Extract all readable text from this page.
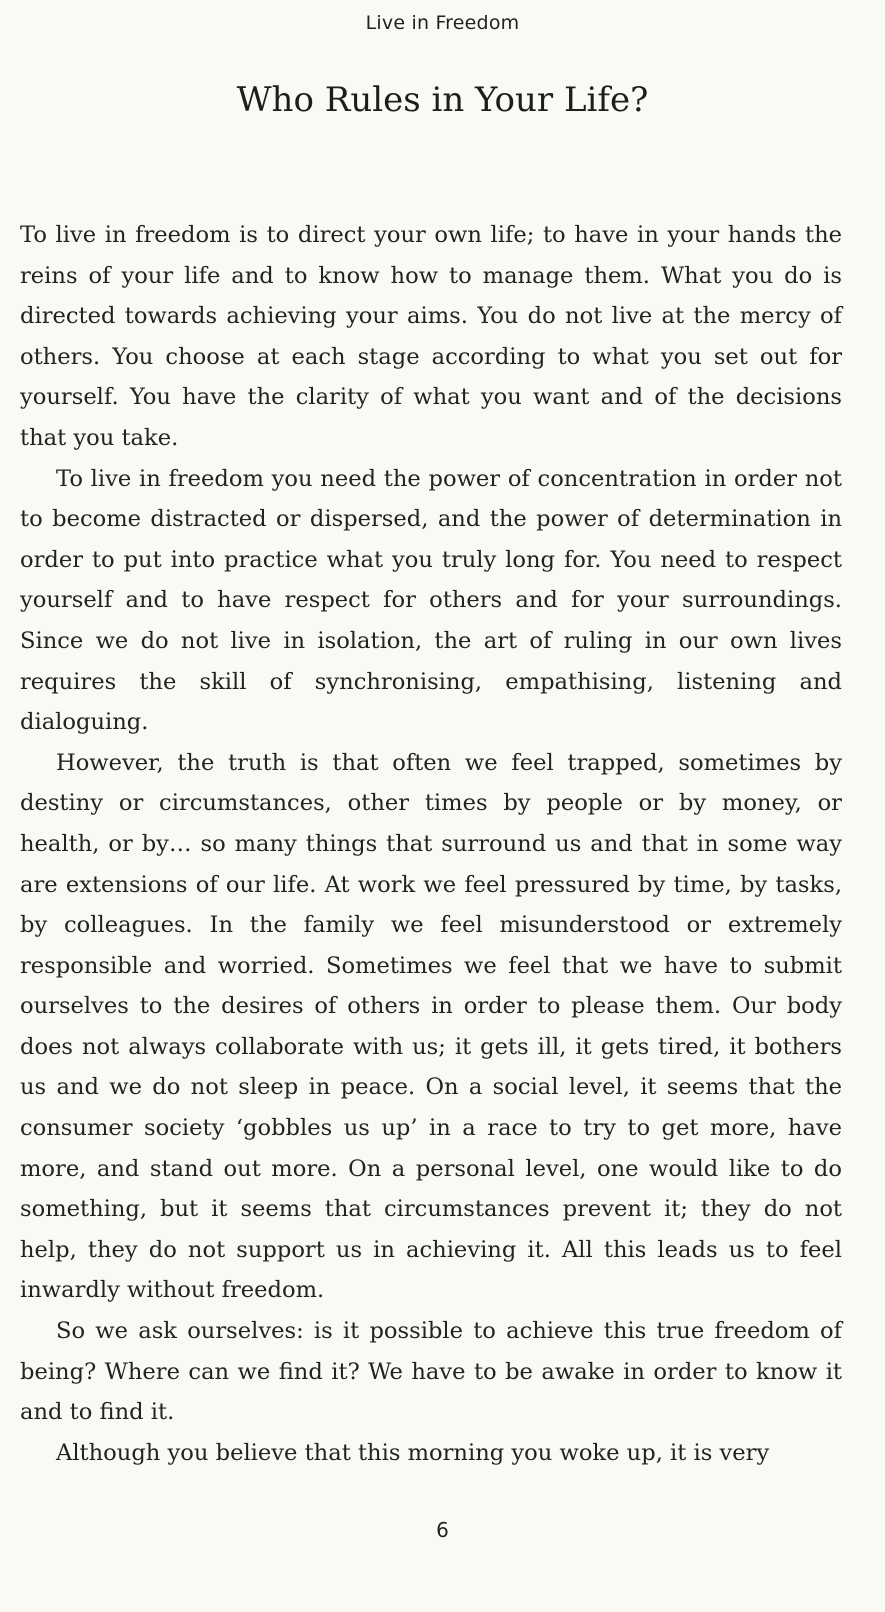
Live in Freedom
Who Rules in Your Life?

To live in freedom is to direct your own life; to have in your hands the reins of your life and to know how to manage them. What you do is directed towards achieving your aims. You do not live at the mercy of others. You choose at each stage according to what you set out for yourself. You have the clarity of what you want and of the decisions that you take.

To live in freedom you need the power of concentration in order not to become distracted or dispersed, and the power of determination in order to put into practice what you truly long for. You need to respect yourself and to have respect for others and for your surroundings. Since we do not live in isolation, the art of ruling in our own lives requires the skill of synchronising, empathising, listening and dialoguing.

However, the truth is that often we feel trapped, sometimes by destiny or circumstances, other times by people or by money, or health, or by… so many things that surround us and that in some way are extensions of our life. At work we feel pressured by time, by tasks, by colleagues. In the family we feel misunderstood or extremely responsible and worried. Sometimes we feel that we have to submit ourselves to the desires of others in order to please them. Our body does not always collaborate with us; it gets ill, it gets tired, it bothers us and we do not sleep in peace. On a social level, it seems that the consumer society ‘gobbles us up’ in a race to try to get more, have more, and stand out more. On a personal level, one would like to do something, but it seems that circumstances prevent it; they do not help, they do not support us in achieving it. All this leads us to feel inwardly without freedom.

So we ask ourselves: is it possible to achieve this true freedom of being? Where can we find it? We have to be awake in order to know it and to find it.

Although you believe that this morning you woke up, it is very

6
